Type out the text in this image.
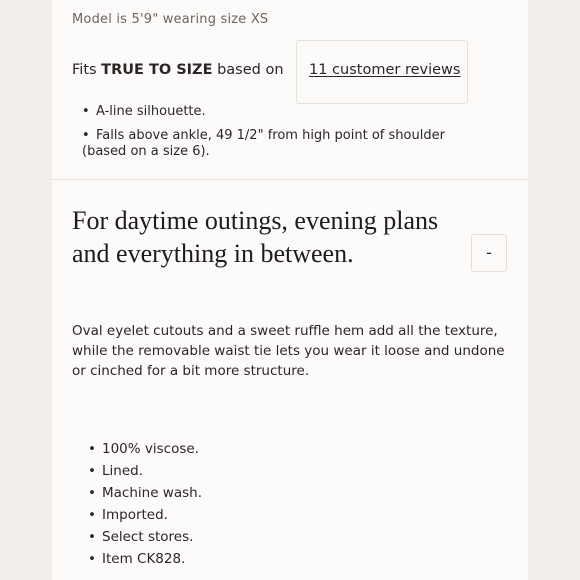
Model is 5'9" wearing size XS
Fits TRUE TO SIZE based on 11 customer reviews
• A-line silhouette.
• Falls above ankle, 49 1/2" from high point of shoulder
(based on a size 6).
For daytime outings, evening plans and everything in between.	-

Oval eyelet cutouts and a sweet ruffle hem add all the texture, while the removable waist tie lets you wear it loose and undone or cinched for a bit more structure.

• 100% viscose.
• Lined.
• Machine wash.
• Imported.
• Select stores.
• Item CK828.
